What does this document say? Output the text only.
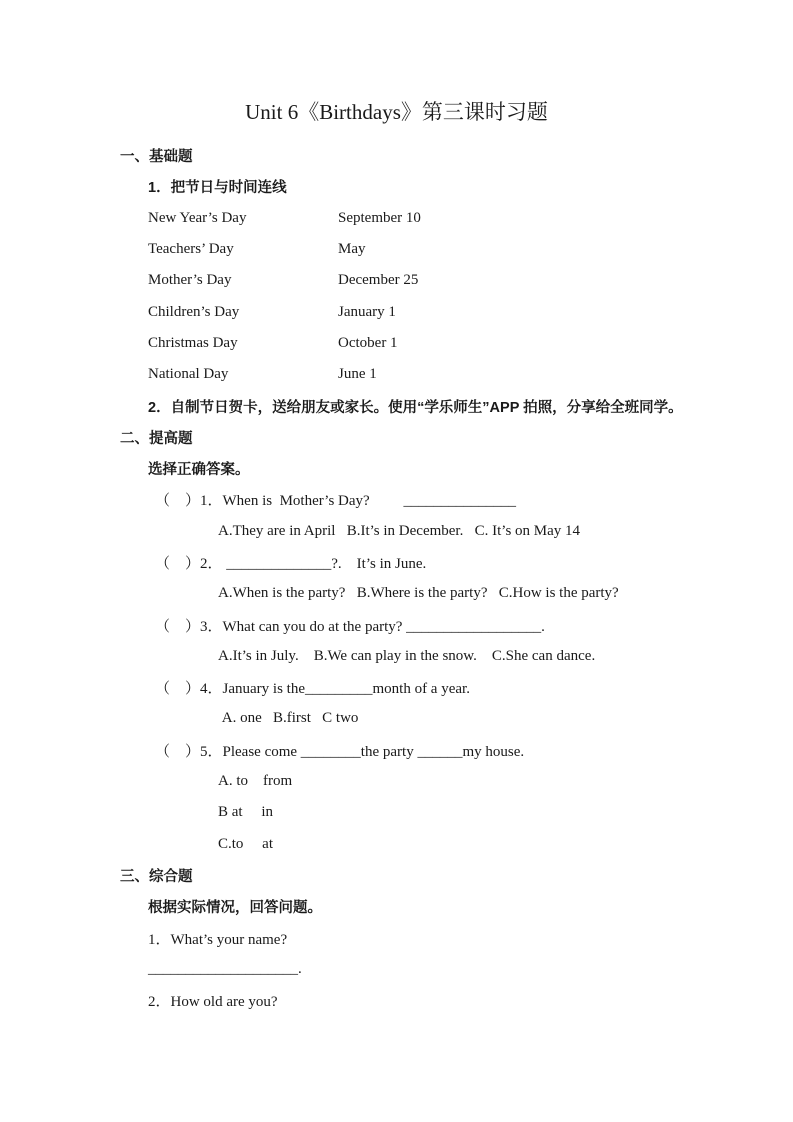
Unit 6《Birthdays》第三课时习题
一、基础题
1．把节日与时间连线
New Year’s Day	September 10
Teachers’ Day	May
Mother’s Day	December 25
Children’s Day	January 1
Christmas Day	October 1
National Day	June 1
2．自制节日贺卡，送给朋友或家长。使用“学乐师生”APP 拍照，分享给全班同学。
二、提高题
选择正确答案。
（　）1．When is  Mother’s Day?　　 _______________
A.They are in April   B.It’s in December.   C. It’s on May 14
（　）2． ______________?.　It’s in June.
A.When is the party?   B.Where is the party?   C.How is the party?
（　）3．What can you do at the party? __________________.
A.It’s in July.    B.We can play in the snow.    C.She can dance.
（　）4．January is the_________month of a year.
A. one   B.first   C two
（　）5．Please come ________the party ______my house.
A. to    from
B at     in
C.to     at
三、综合题
根据实际情况，回答问题。
1．What’s your name?
____________________.
2．How old are you?
